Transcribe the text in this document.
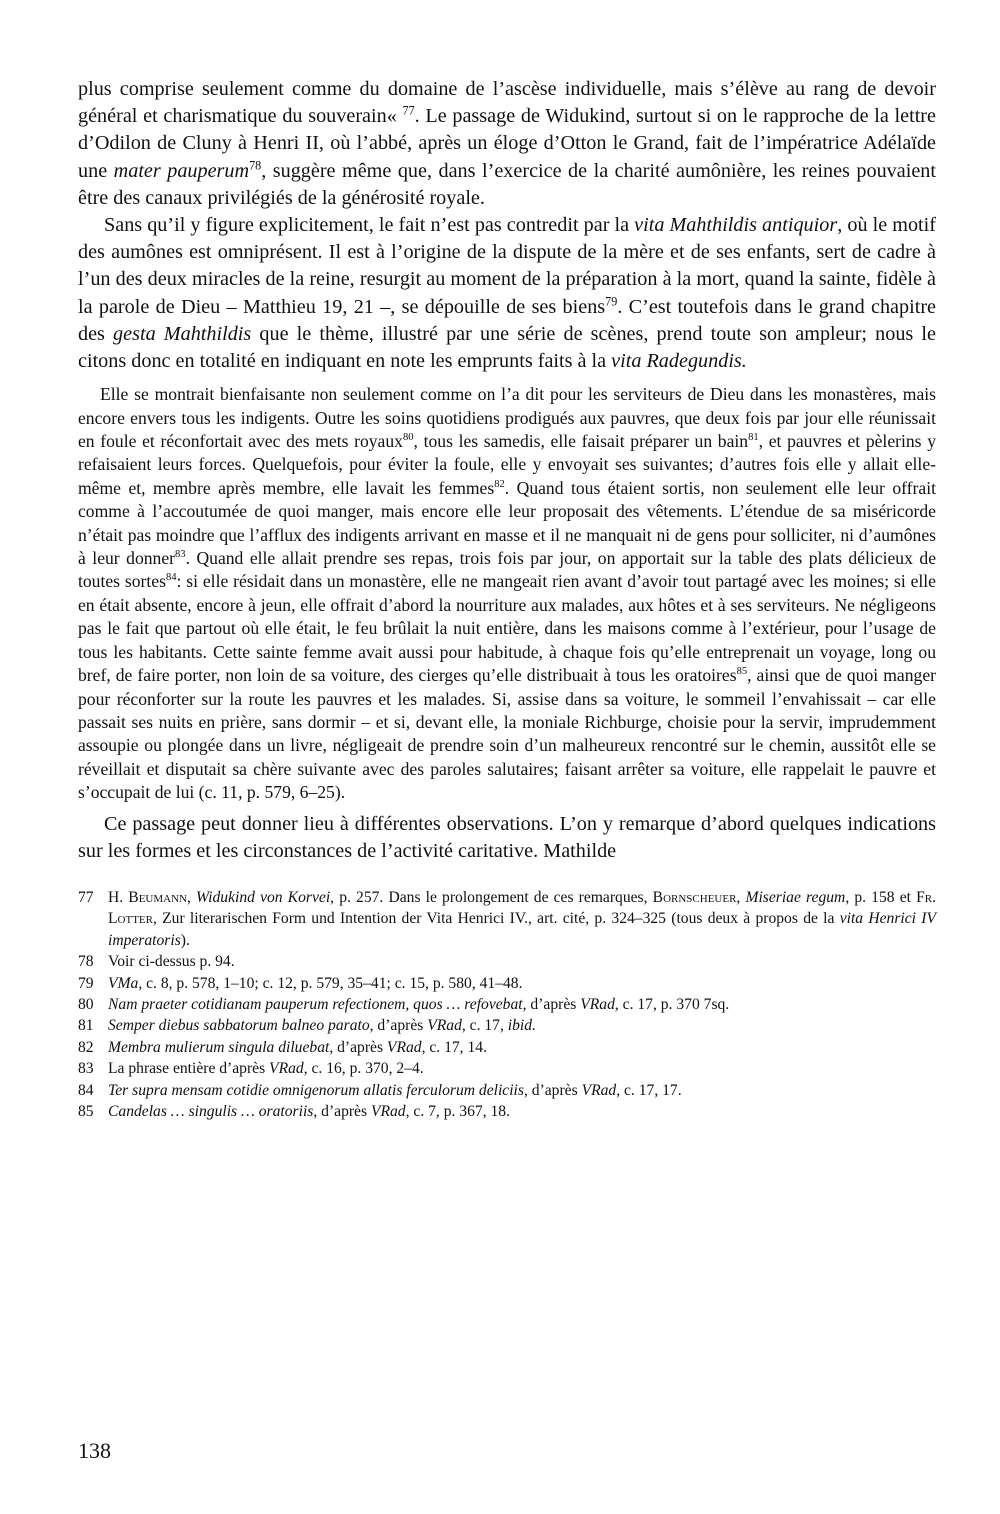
plus comprise seulement comme du domaine de l’ascèse individuelle, mais s’élève au rang de devoir général et charismatique du souverain« $^{77}$. Le passage de Widukind, surtout si on le rapproche de la lettre d’Odilon de Cluny à Henri II, où l’abbé, après un éloge d’Otton le Grand, fait de l’impératrice Adélaïde une mater pauperum$^{78}$, suggère même que, dans l’exercice de la charité aumônière, les reines pouvaient être des canaux privilégiés de la générosité royale.

Sans qu’il y figure explicitement, le fait n’est pas contredit par la vita Mahthildis antiquior, où le motif des aumônes est omniprésent. Il est à l’origine de la dispute de la mère et de ses enfants, sert de cadre à l’un des deux miracles de la reine, resurgit au moment de la préparation à la mort, quand la sainte, fidèle à la parole de Dieu – Matthieu 19, 21 –, se dépouille de ses biens$^{79}$. C’est toutefois dans le grand chapitre des gesta Mahthildis que le thème, illustré par une série de scènes, prend toute son ampleur; nous le citons donc en totalité en indiquant en note les emprunts faits à la vita Radegundis.

Elle se montrait bienfaisante non seulement comme on l’a dit pour les serviteurs de Dieu dans les monastères, mais encore envers tous les indigents. Outre les soins quotidiens prodigués aux pauvres, que deux fois par jour elle réunissait en foule et réconfortait avec des mets royaux$^{80}$, tous les samedis, elle faisait préparer un bain$^{81}$, et pauvres et pèlerins y refaisaient leurs forces. Quelquefois, pour éviter la foule, elle y envoyait ses suivantes; d’autres fois elle y allait elle-même et, membre après membre, elle lavait les femmes$^{82}$. Quand tous étaient sortis, non seulement elle leur offrait comme à l’accoutumée de quoi manger, mais encore elle leur proposait des vêtements. L’étendue de sa miséricorde n’était pas moindre que l’afflux des indigents arrivant en masse et il ne manquait ni de gens pour solliciter, ni d’aumônes à leur donner$^{83}$. Quand elle allait prendre ses repas, trois fois par jour, on apportait sur la table des plats délicieux de toutes sortes$^{84}$: si elle résidait dans un monastère, elle ne mangeait rien avant d’avoir tout partagé avec les moines; si elle en était absente, encore à jeun, elle offrait d’abord la nourriture aux malades, aux hôtes et à ses serviteurs. Ne négligeons pas le fait que partout où elle était, le feu brûlait la nuit entière, dans les maisons comme à l’extérieur, pour l’usage de tous les habitants. Cette sainte femme avait aussi pour habitude, à chaque fois qu’elle entreprenait un voyage, long ou bref, de faire porter, non loin de sa voiture, des cierges qu’elle distribuait à tous les oratoires$^{85}$, ainsi que de quoi manger pour réconforter sur la route les pauvres et les malades. Si, assise dans sa voiture, le sommeil l’envahissait – car elle passait ses nuits en prière, sans dormir – et si, devant elle, la moniale Richburge, choisie pour la servir, imprudemment assoupie ou plongée dans un livre, négligeait de prendre soin d’un malheureux rencontré sur le chemin, aussitôt elle se réveillait et disputait sa chère suivante avec des paroles salutaires; faisant arrêter sa voiture, elle rappelait le pauvre et s’occupait de lui (c. 11, p. 579, 6–25).

Ce passage peut donner lieu à différentes observations. L’on y remarque d’abord quelques indications sur les formes et les circonstances de l’activité caritative. Mathilde

77 H. Beumann, Widukind von Korvei, p. 257. Dans le prolongement de ces remarques, Bornscheuer, Miseriae regum, p. 158 et Fr. Lotter, Zur literarischen Form und Intention der Vita Henrici IV., art. cité, p. 324–325 (tous deux à propos de la vita Henrici IV imperatoris).
78 Voir ci-dessus p. 94.
79 VMa, c. 8, p. 578, 1–10; c. 12, p. 579, 35–41; c. 15, p. 580, 41–48.
80 Nam praeter cotidianam pauperum refectionem, quos … refovebat, d’après VRad, c. 17, p. 370 7sq.
81 Semper diebus sabbatorum balneo parato, d’après VRad, c. 17, ibid.
82 Membra mulierum singula diluebat, d’après VRad, c. 17, 14.
83 La phrase entière d’après VRad, c. 16, p. 370, 2–4.
84 Ter supra mensam cotidie omnigenorum allatis ferculorum deliciis, d’après VRad, c. 17, 17.
85 Candelas … singulis … oratoriis, d’après VRad, c. 7, p. 367, 18.
138
